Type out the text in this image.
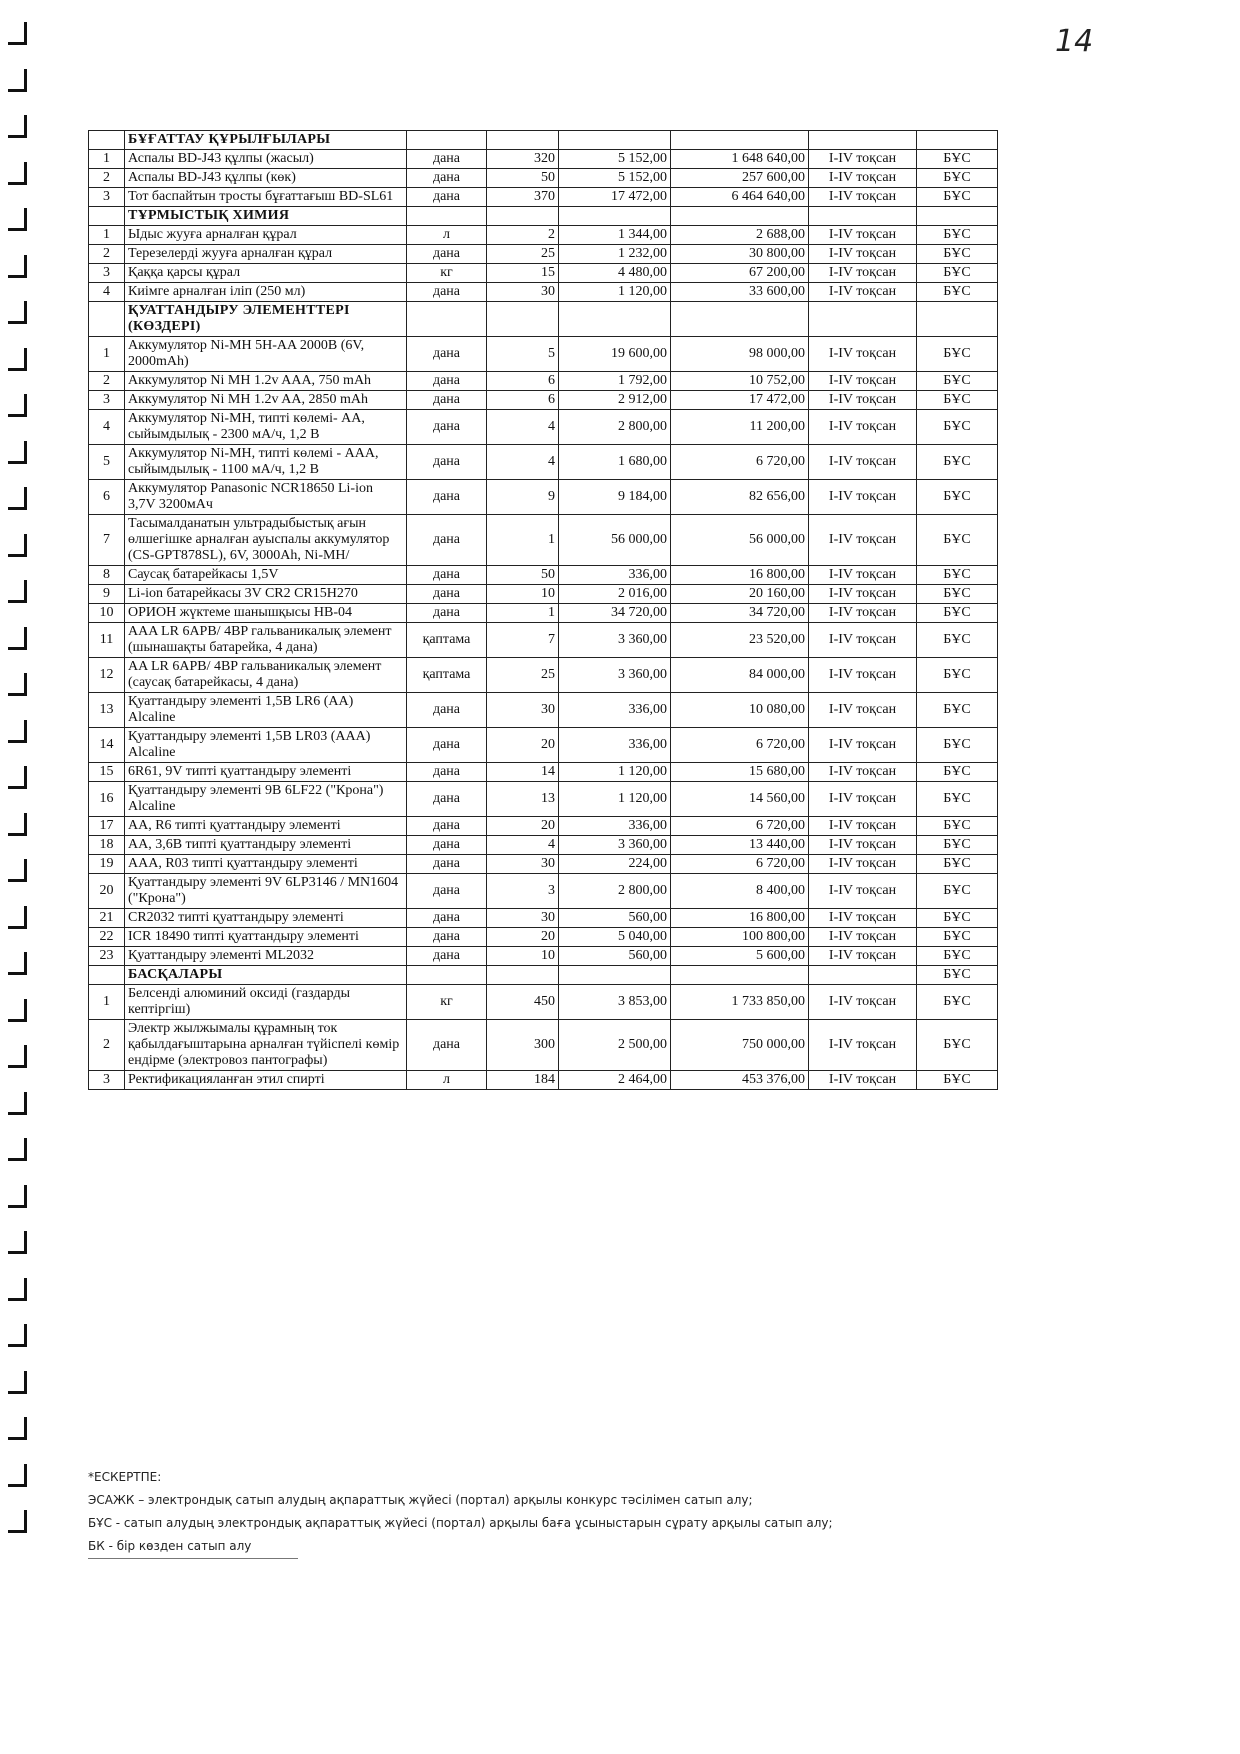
14
	БҰҒАТТАУ ҚҰРЫЛҒЫЛАРЫ						
1	Аспалы BD-J43 құлпы (жасыл)	дана	320	5 152,00	1 648 640,00	I-IV тоқсан	БҰС
2	Аспалы BD-J43 құлпы (көк)	дана	50	5 152,00	257 600,00	I-IV тоқсан	БҰС
3	Тот баспайтын тросты бұғаттағыш BD-SL61	дана	370	17 472,00	6 464 640,00	I-IV тоқсан	БҰС
	ТҰРМЫСТЫҚ ХИМИЯ						
1	Ыдыс жууға арналған құрал	л	2	1 344,00	2 688,00	I-IV тоқсан	БҰС
2	Терезелерді жууға арналған құрал	дана	25	1 232,00	30 800,00	I-IV тоқсан	БҰС
3	Қаққа қарсы құрал	кг	15	4 480,00	67 200,00	I-IV тоқсан	БҰС
4	Киімге арналған іліп (250 мл)	дана	30	1 120,00	33 600,00	I-IV тоқсан	БҰС
	ҚУАТТАНДЫРУ ЭЛЕМЕНТТЕРІ (КӨЗДЕРІ)						
1	Аккумулятор Ni-MH 5H-AA 2000B (6V, 2000mAh)	дана	5	19 600,00	98 000,00	I-IV тоқсан	БҰС
2	Аккумулятор Ni MH 1.2v AAA, 750 mAh	дана	6	1 792,00	10 752,00	I-IV тоқсан	БҰС
3	Аккумулятор Ni MH 1.2v AA, 2850 mAh	дана	6	2 912,00	17 472,00	I-IV тоқсан	БҰС
4	Аккумулятор Ni-MH, типті көлемі- АА, сыйымдылық - 2300 мА/ч, 1,2 В	дана	4	2 800,00	11 200,00	I-IV тоқсан	БҰС
5	Аккумулятор Ni-MH, типті көлемі - ААА, сыйымдылық - 1100 мА/ч, 1,2 В	дана	4	1 680,00	6 720,00	I-IV тоқсан	БҰС
6	Аккумулятор Panasonic NCR18650 Li-ion 3,7V 3200мАч	дана	9	9 184,00	82 656,00	I-IV тоқсан	БҰС
7	Тасымалданатын ультрадыбыстық ағын өлшегішке арналған ауыспалы аккумулятор (CS-GPT878SL), 6V, 3000Ah, Ni-MH/	дана	1	56 000,00	56 000,00	I-IV тоқсан	БҰС
8	Саусақ батарейкасы 1,5V	дана	50	336,00	16 800,00	I-IV тоқсан	БҰС
9	Li-ion батарейкасы 3V CR2 CR15H270	дана	10	2 016,00	20 160,00	I-IV тоқсан	БҰС
10	ОРИОН жүктеме шанышқысы НВ-04	дана	1	34 720,00	34 720,00	I-IV тоқсан	БҰС
11	AAA LR 6APB/ 4BP гальваникалық элемент (шынашақты батарейка, 4 дана)	қаптама	7	3 360,00	23 520,00	I-IV тоқсан	БҰС
12	AA LR 6APB/ 4BP гальваникалық элемент (саусақ батарейкасы, 4 дана)	қаптама	25	3 360,00	84 000,00	I-IV тоқсан	БҰС
13	Қуаттандыру элементі 1,5В LR6 (AA) Alcaline	дана	30	336,00	10 080,00	I-IV тоқсан	БҰС
14	Қуаттандыру элементі 1,5В LR03 (AAA) Alcaline	дана	20	336,00	6 720,00	I-IV тоқсан	БҰС
15	6R61, 9V типті қуаттандыру элементі	дана	14	1 120,00	15 680,00	I-IV тоқсан	БҰС
16	Қуаттандыру элементі 9В 6LF22 ("Крона") Alcaline	дана	13	1 120,00	14 560,00	I-IV тоқсан	БҰС
17	АА, R6 типті қуаттандыру элементі	дана	20	336,00	6 720,00	I-IV тоқсан	БҰС
18	АА, 3,6В типті қуаттандыру элементі	дана	4	3 360,00	13 440,00	I-IV тоқсан	БҰС
19	ААА, R03 типті қуаттандыру элементі	дана	30	224,00	6 720,00	I-IV тоқсан	БҰС
20	Қуаттандыру элементі 9V 6LP3146 / MN1604 ("Крона")	дана	3	2 800,00	8 400,00	I-IV тоқсан	БҰС
21	CR2032 типті қуаттандыру элементі	дана	30	560,00	16 800,00	I-IV тоқсан	БҰС
22	ICR 18490 типті қуаттандыру элементі	дана	20	5 040,00	100 800,00	I-IV тоқсан	БҰС
23	Қуаттандыру элементі ML2032	дана	10	560,00	5 600,00	I-IV тоқсан	БҰС
	БАСҚАЛАРЫ						БҰС
1	Белсенді алюминий оксиді (газдарды кептіргіш)	кг	450	3 853,00	1 733 850,00	I-IV тоқсан	БҰС
2	Электр жылжымалы құрамның ток қабылдағыштарына арналған түйіспелі көмір ендірме (электровоз пантографы)	дана	300	2 500,00	750 000,00	I-IV тоқсан	БҰС
3	Ректификацияланған этил спирті	л	184	2 464,00	453 376,00	I-IV тоқсан	БҰС
*ЕСКЕРТПЕ:
ЭСАЖК – электрондық сатып алудың ақпараттық жүйесі (портал) арқылы конкурс тәсілімен сатып алу;
БҰС - сатып алудың электрондық ақпараттық жүйесі (портал) арқылы баға ұсыныстарын сұрату арқылы сатып алу;
БК - бір көзден сатып алу
